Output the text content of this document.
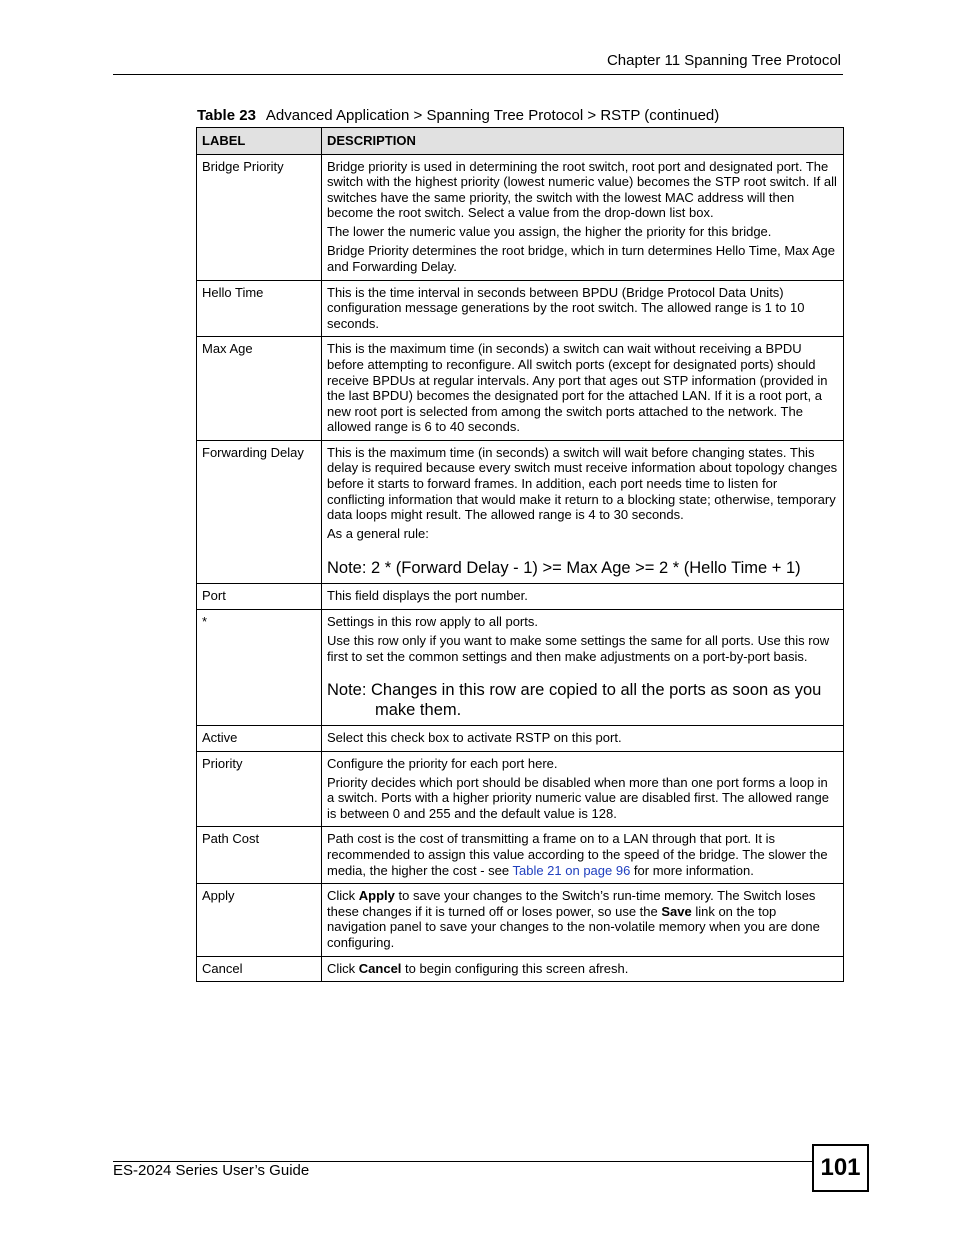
Chapter 11 Spanning Tree Protocol
Table 23 Advanced Application > Spanning Tree Protocol > RSTP (continued)
LABEL	DESCRIPTION
Bridge Priority	Bridge priority is used in determining the root switch, root port and designated port. The switch with the highest priority (lowest numeric value) becomes the STP root switch. If all switches have the same priority, the switch with the lowest MAC address will then become the root switch. Select a value from the drop-down list box.

The lower the numeric value you assign, the higher the priority for this bridge.

Bridge Priority determines the root bridge, which in turn determines Hello Time, Max Age and Forwarding Delay.

Hello Time	This is the time interval in seconds between BPDU (Bridge Protocol Data Units) configuration message generations by the root switch. The allowed range is 1 to 10 seconds.

Max Age	This is the maximum time (in seconds) a switch can wait without receiving a BPDU before attempting to reconfigure. All switch ports (except for designated ports) should receive BPDUs at regular intervals. Any port that ages out STP information (provided in the last BPDU) becomes the designated port for the attached LAN. If it is a root port, a new root port is selected from among the switch ports attached to the network. The allowed range is 6 to 40 seconds.

Forwarding Delay	This is the maximum time (in seconds) a switch will wait before changing states. This delay is required because every switch must receive information about topology changes before it starts to forward frames. In addition, each port needs time to listen for conflicting information that would make it return to a blocking state; otherwise, temporary data loops might result. The allowed range is 4 to 30 seconds.

As a general rule:

Note: 2 * (Forward Delay - 1) >= Max Age >= 2 * (Hello Time + 1)

Port	This field displays the port number.

*	Settings in this row apply to all ports.

Use this row only if you want to make some settings the same for all ports. Use this row first to set the common settings and then make adjustments on a port-by-port basis.

Note: Changes in this row are copied to all the ports as soon as you make them.

Active	Select this check box to activate RSTP on this port.

Priority	Configure the priority for each port here.

Priority decides which port should be disabled when more than one port forms a loop in a switch. Ports with a higher priority numeric value are disabled first. The allowed range is between 0 and 255 and the default value is 128.

Path Cost	Path cost is the cost of transmitting a frame on to a LAN through that port. It is recommended to assign this value according to the speed of the bridge. The slower the media, the higher the cost - see Table 21 on page 96 for more information.

Apply	Click Apply to save your changes to the Switch’s run-time memory. The Switch loses these changes if it is turned off or loses power, so use the Save link on the top navigation panel to save your changes to the non-volatile memory when you are done configuring.

Cancel	Click Cancel to begin configuring this screen afresh.

ES-2024 Series User’s Guide	101
